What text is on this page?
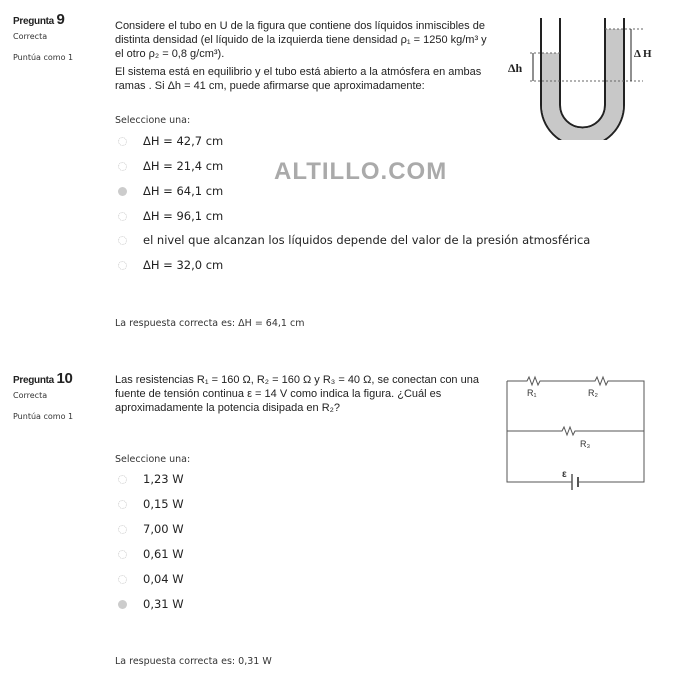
Pregunta 9
Correcta
Puntúa como 1

Considere el tubo en U de la figura que contiene dos líquidos inmiscibles de distinta densidad (el líquido de la izquierda tiene densidad ρ₁ = 1250 kg/m³ y el otro ρ₂ = 0,8 g/cm³).

El sistema está en equilibrio y el tubo está abierto a la atmósfera en ambas ramas . Si Δh = 41 cm, puede afirmarse que aproximadamente:

Δh
Δ H
Seleccione una:
ΔH = 42,7 cm
ΔH = 21,4 cm
ΔH = 64,1 cm
ΔH = 96,1 cm
el nivel que alcanzan los líquidos depende del valor de la presión atmosférica
ΔH = 32,0 cm
ALTILLO.COM
La respuesta correcta es: ΔH = 64,1 cm
Pregunta 10
Correcta
Puntúa como 1

Las resistencias R₁ = 160 Ω, R₂ = 160 Ω y R₃ = 40 Ω, se conectan con una fuente de tensión continua ε = 14 V como indica la figura. ¿Cuál es aproximadamente la potencia disipada en R₂?

R₁	R₂
R₃
ε
Seleccione una:
1,23 W
0,15 W
7,00 W
0,61 W
0,04 W
0,31 W
La respuesta correcta es: 0,31 W
